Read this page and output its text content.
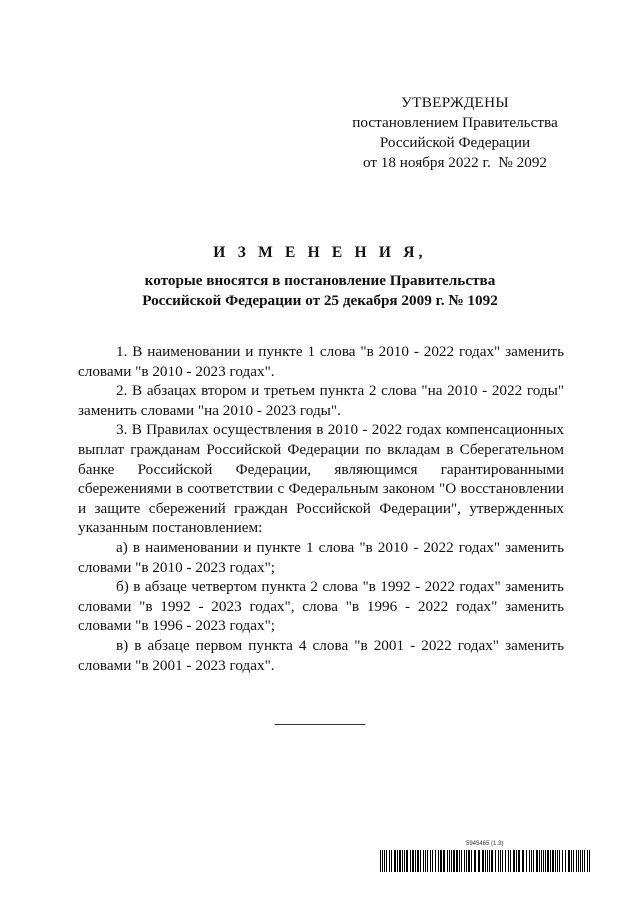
УТВЕРЖДЕНЫ
постановлением Правительства
Российской Федерации
от 18 ноября 2022 г.  № 2092
И З М Е Н Е Н И Я,
которые вносятся в постановление Правительства
Российской Федерации от 25 декабря 2009 г. № 1092

1. В наименовании и пункте 1 слова "в 2010 - 2022 годах" заменить словами "в 2010 - 2023 годах".

2. В абзацах втором и третьем пункта 2 слова "на 2010 - 2022 годы" заменить словами "на 2010 - 2023 годы".

3. В Правилах осуществления в 2010 - 2022 годах компенсационных выплат гражданам Российской Федерации по вкладам в Сберегательном банке Российской Федерации, являющимся гарантированными сбережениями в соответствии с Федеральным законом "О восстановлении и защите сбережений граждан Российской Федерации", утвержденных указанным постановлением:

а) в наименовании и пункте 1 слова "в 2010 - 2022 годах" заменить словами "в 2010 - 2023 годах";

б) в абзаце четвертом пункта 2 слова "в 1992 - 2022 годах" заменить словами "в 1992 - 2023 годах", слова "в 1996 - 2022 годах" заменить словами "в 1996 - 2023 годах";

в) в абзаце первом пункта 4 слова "в 2001 - 2022 годах" заменить словами "в 2001 - 2023 годах".

5945465 (1.3)
